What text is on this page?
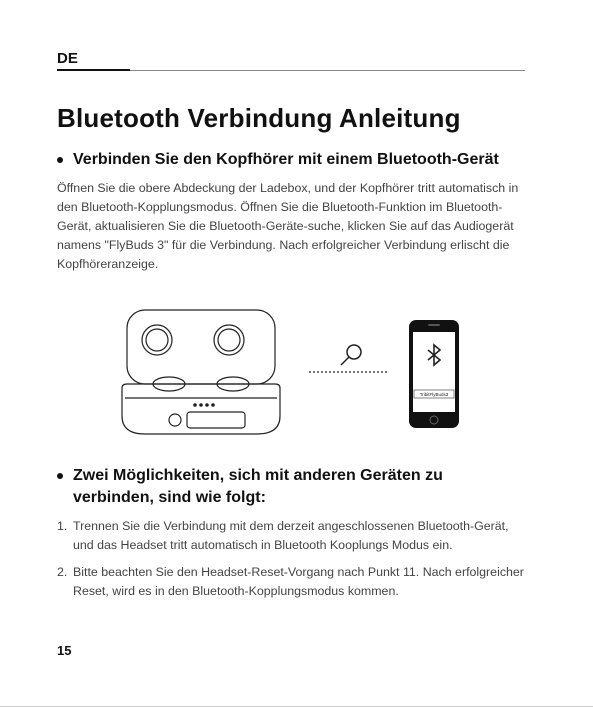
DE
Bluetooth Verbindung Anleitung
Verbinden Sie den Kopfhörer mit einem Bluetooth-Gerät

Öffnen Sie die obere Abdeckung der Ladebox, und der Kopfhörer tritt automatisch in den Bluetooth-Kopplungsmodus. Öffnen Sie die Bluetooth-Funktion im Bluetooth-Gerät, aktualisieren Sie die Bluetooth-Geräte-suche, klicken Sie auf das Audiogerät namens "FlyBuds 3" für die Verbindung. Nach erfolgreicher Verbindung erlischt die Kopfhöreranzeige.

TribitFlyBuds3
Zwei Möglichkeiten, sich mit anderen Geräten zu verbinden, sind wie folgt:
1. Trennen Sie die Verbindung mit dem derzeit angeschlossenen Bluetooth-Gerät, und das Headset tritt automatisch in Bluetooth Kooplungs Modus ein.
2. Bitte beachten Sie den Headset-Reset-Vorgang nach Punkt 11. Nach erfolgreicher Reset, wird es in den Bluetooth-Kopplungsmodus kommen.
15
